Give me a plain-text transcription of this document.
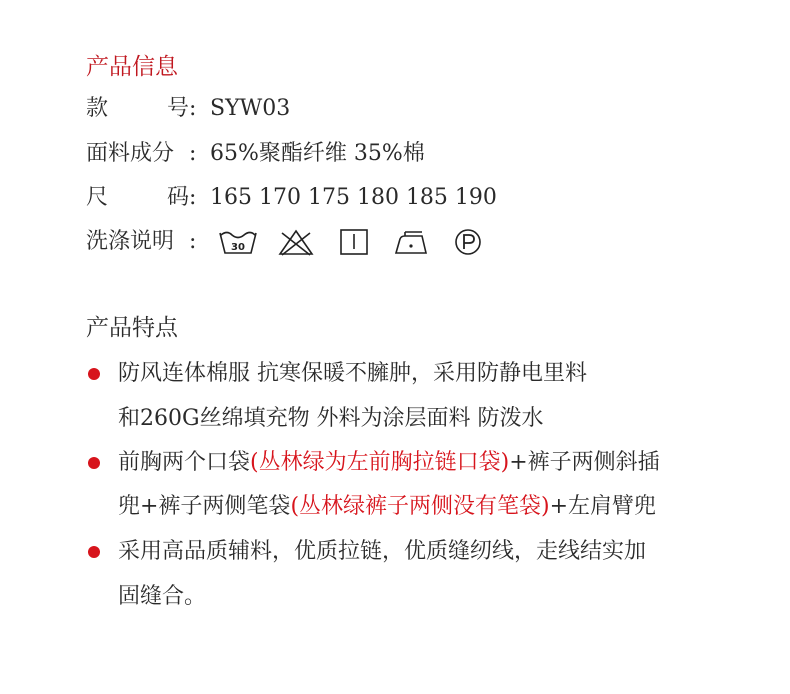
产品信息
款	号 : SYW03
面料成分 : 65%聚酯纤维 35%棉
尺	码 : 165 170 175 180 185 190
洗涤说明 :	30
产品特点
防风连体棉服 抗寒保暖不臃肿，采用防静电里料
和260G丝绵填充物 外料为涂层面料 防泼水
前胸两个口袋(丛林绿为左前胸拉链口袋)+裤子两侧斜插
兜+裤子两侧笔袋(丛林绿裤子两侧没有笔袋)+左肩臂兜
采用高品质辅料，优质拉链，优质缝纫线，走线结实加
固缝合。
